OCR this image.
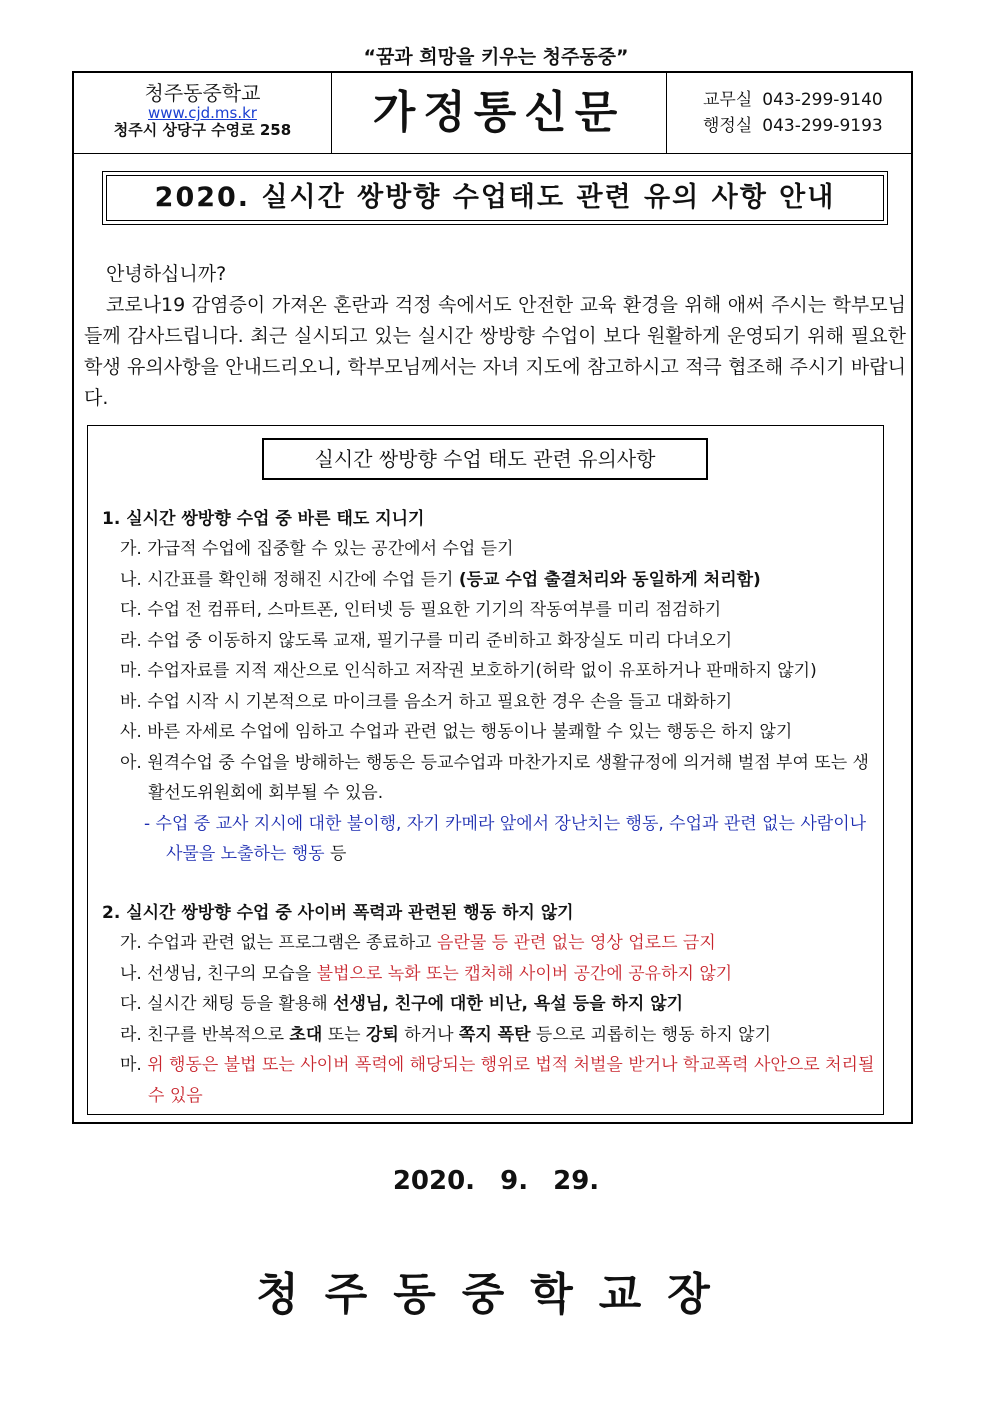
“꿈과 희망을 키우는 청주동중”
청주동중학교
www.cjd.ms.kr
청주시 상당구 수영로 258	가정통신문	교무실 043-299-9140
행정실 043-299-9193
2020. 실시간 쌍방향 수업태도 관련 유의 사항 안내

안녕하십니까?

코로나19 감염증이 가져온 혼란과 걱정 속에서도 안전한 교육 환경을 위해 애써 주시는 학부모님들께 감사드립니다. 최근 실시되고 있는 실시간 쌍방향 수업이 보다 원활하게 운영되기 위해 필요한 학생 유의사항을 안내드리오니, 학부모님께서는 자녀 지도에 참고하시고 적극 협조해 주시기 바랍니다.

실시간 쌍방향 수업 태도 관련 유의사항
1. 실시간 쌍방향 수업 중 바른 태도 지니기
가. 가급적 수업에 집중할 수 있는 공간에서 수업 듣기
나. 시간표를 확인해 정해진 시간에 수업 듣기 (등교 수업 출결처리와 동일하게 처리함)
다. 수업 전 컴퓨터, 스마트폰, 인터넷 등 필요한 기기의 작동여부를 미리 점검하기
라. 수업 중 이동하지 않도록 교재, 필기구를 미리 준비하고 화장실도 미리 다녀오기
마. 수업자료를 지적 재산으로 인식하고 저작권 보호하기(허락 없이 유포하거나 판매하지 않기)
바. 수업 시작 시 기본적으로 마이크를 음소거 하고 필요한 경우 손을 들고 대화하기
사. 바른 자세로 수업에 임하고 수업과 관련 없는 행동이나 불쾌할 수 있는 행동은 하지 않기
아. 원격수업 중 수업을 방해하는 행동은 등교수업과 마찬가지로 생활규정에 의거해 벌점 부여 또는 생활선도위원회에 회부될 수 있음.
- 수업 중 교사 지시에 대한 불이행, 자기 카메라 앞에서 장난치는 행동, 수업과 관련 없는 사람이나 사물을 노출하는 행동 등
2. 실시간 쌍방향 수업 중 사이버 폭력과 관련된 행동 하지 않기
가. 수업과 관련 없는 프로그램은 종료하고 음란물 등 관련 없는 영상 업로드 금지
나. 선생님, 친구의 모습을 불법으로 녹화 또는 캡처해 사이버 공간에 공유하지 않기
다. 실시간 채팅 등을 활용해 선생님, 친구에 대한 비난, 욕설 등을 하지 않기
라. 친구를 반복적으로 초대 또는 강퇴 하거나 쪽지 폭탄 등으로 괴롭히는 행동 하지 않기
마. 위 행동은 불법 또는 사이버 폭력에 해당되는 행위로 법적 처벌을 받거나 학교폭력 사안으로 처리될 수 있음
2020. 9. 29.
청주동중학교장
